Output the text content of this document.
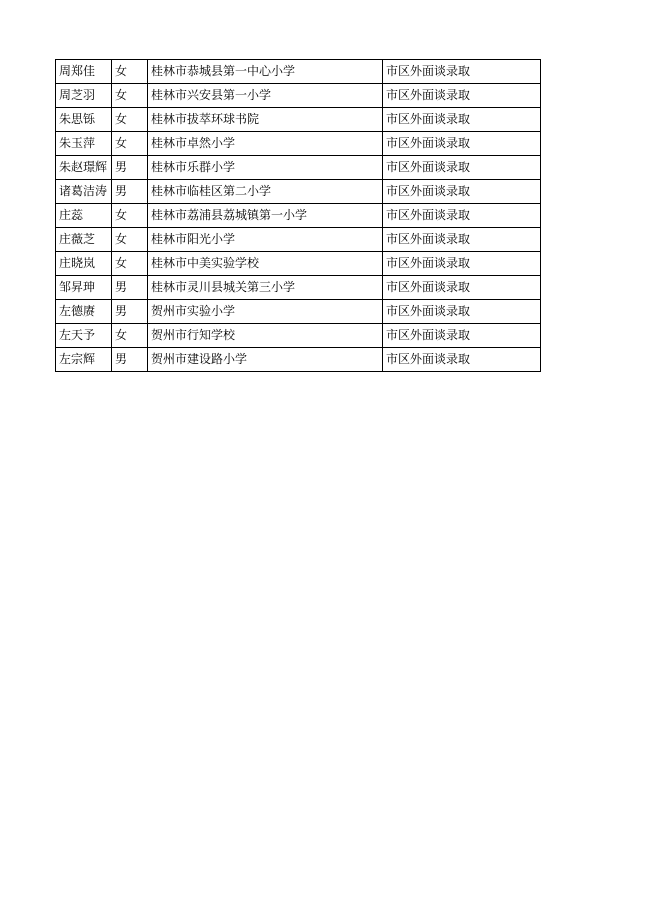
周郑佳	女	桂林市恭城县第一中心小学	市区外面谈录取
周芝羽	女	桂林市兴安县第一小学	市区外面谈录取
朱思铄	女	桂林市拔萃环球书院	市区外面谈录取
朱玉萍	女	桂林市卓然小学	市区外面谈录取

朱赵璟辉	男	桂林市乐群小学	市区外面谈录取

诸葛洁涛	男	桂林市临桂区第二小学	市区外面谈录取
庄蕊	女	桂林市荔浦县荔城镇第一小学	市区外面谈录取
庄薇芝	女	桂林市阳光小学	市区外面谈录取
庄晓岚	女	桂林市中美实验学校	市区外面谈录取
邹昇珅	男	桂林市灵川县城关第三小学	市区外面谈录取
左德赓	男	贺州市实验小学	市区外面谈录取
左天予	女	贺州市行知学校	市区外面谈录取
左宗辉	男	贺州市建设路小学	市区外面谈录取
